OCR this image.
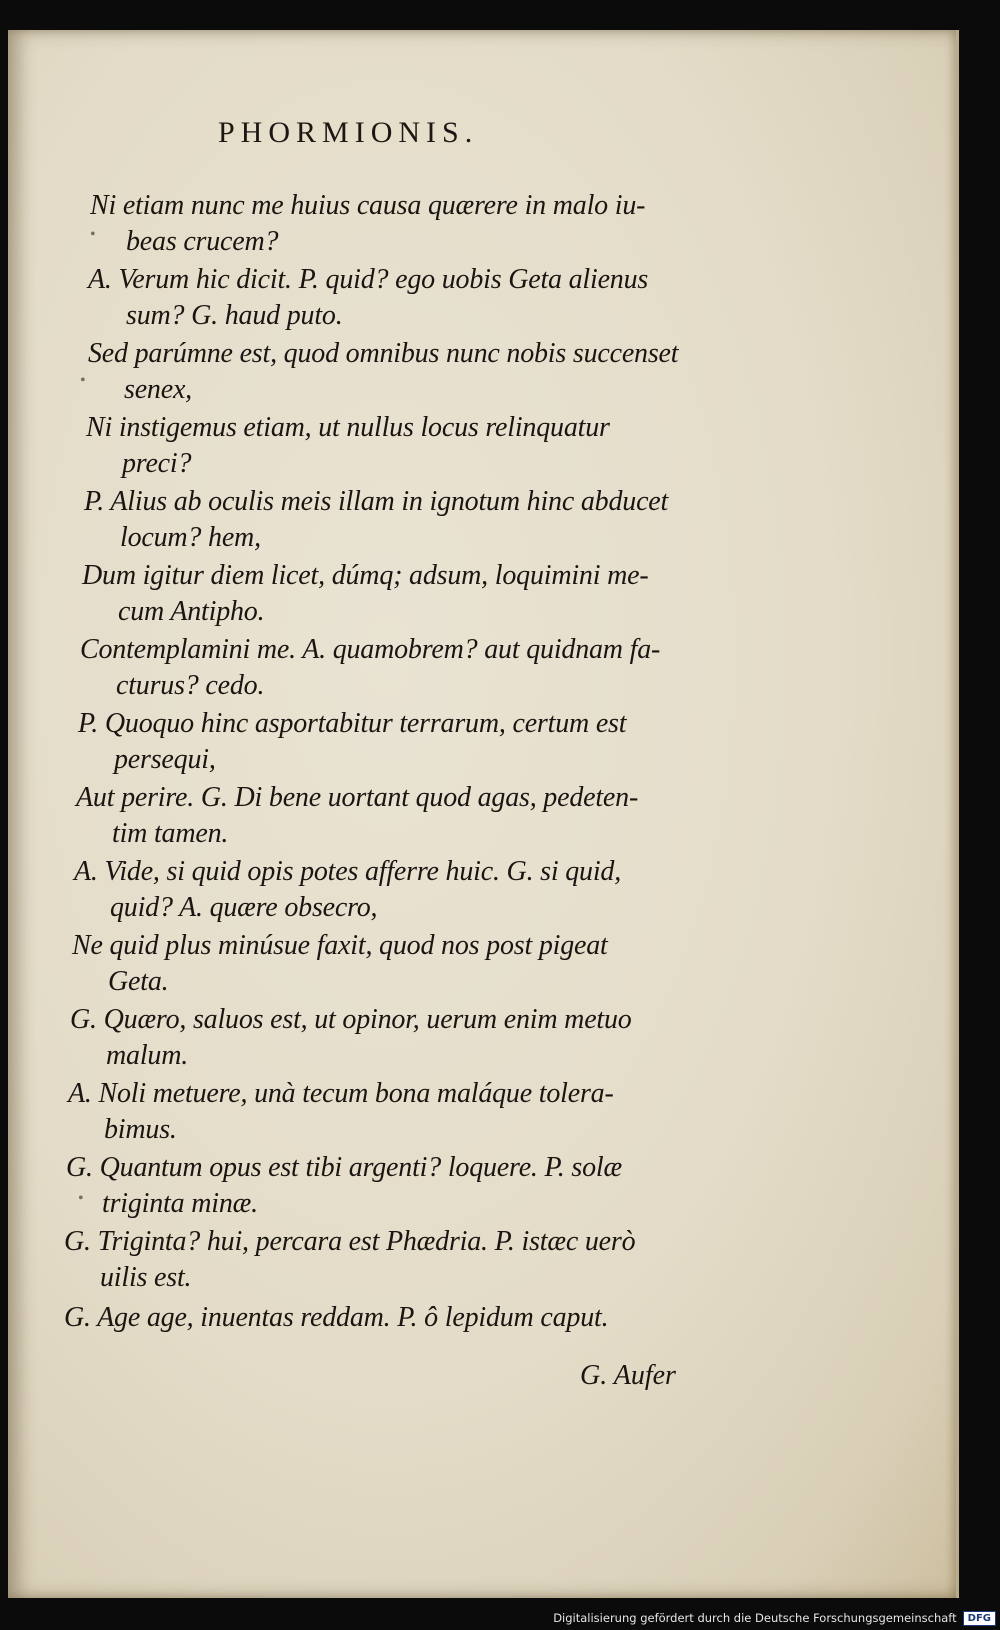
PHORMIONIS.
Ni etiam nunc me huius causa quærere in malo iu-
beas crucem?
A. Verum hic dicit. P. quid? ego uobis Geta alienus
sum? G. haud puto.
Sed parúmne est, quod omnibus nunc nobis succenset
senex,
Ni instigemus etiam, ut nullus locus relinquatur
preci?
P. Alius ab oculis meis illam in ignotum hinc abducet
locum? hem,
Dum igitur diem licet, dúmq; adsum, loquimini me-
cum Antipho.
Contemplamini me. A. quamobrem? aut quidnam fa-
cturus? cedo.
P. Quoquo hinc asportabitur terrarum, certum est
persequi,
Aut perire. G. Di bene uortant quod agas, pedeten-
tim tamen.
A. Vide, si quid opis potes afferre huic. G. si quid,
quid? A. quære obsecro,
Ne quid plus minúsue faxit, quod nos post pigeat
Geta.
G. Quæro, saluos est, ut opinor, uerum enim metuo
malum.
A. Noli metuere, unà tecum bona maláque tolera-
bimus.
G. Quantum opus est tibi argenti? loquere. P. solæ
triginta minæ.
G. Triginta? hui, percara est Phædria. P. istæc uerò
uilis est.
G. Age age, inuentas reddam. P. ô lepidum caput.
G. Aufer
•
•
•
Digitalisierung gefördert durch die Deutsche Forschungsgemeinschaft	DFG
